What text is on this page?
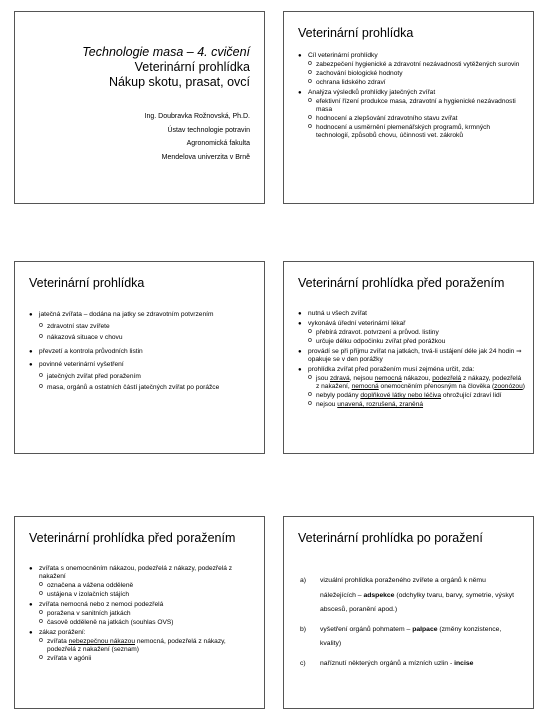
Technologie masa – 4. cvičení
Veterinární prohlídka
Nákup skotu, prasat, ovcí
Ing. Doubravka Rožnovská, Ph.D.
Ústav technologie potravin
Agronomická fakulta
Mendelova univerzita v Brně
Veterinární prohlídka
● Cíl veterinární prohlídky
o zabezpečení hygienické a zdravotní nezávadnosti vytěžených surovin
o zachování biologické hodnoty
o ochrana lidského zdraví
● Analýza výsledků prohlídky jatečných zvířat
o efektivní řízení produkce masa, zdravotní a hygienické nezávadnosti masa
o hodnocení a zlepšování zdravotního stavu zvířat
o hodnocení a usměrnění plemenářských programů, krmných technologií, způsobů chovu, účinnosti vet. zákroků
Veterinární prohlídka
● jatečná zvířata – dodána na jatky se zdravotním potvrzením
o zdravotní stav zvířete
o nákazová situace v chovu
● převzetí a kontrola průvodních listin
● povinné veterinární vyšetření
o jatečných zvířat před poražením
o masa, orgánů a ostatních částí jatečných zvířat po porážce
Veterinární prohlídka před poražením
● nutná u všech zvířat
● vykonává úřední veterinární lékař
o přebírá zdravot. potvrzení a průvod. listiny
o určuje délku odpočinku zvířat před porážkou
● provádí se při příjmu zvířat na jatkách, trvá-li ustájení déle jak 24 hodin ⇒ opakuje se v den porážky
● prohlídka zvířat před poražením musí zejména určit, zda:
o jsou zdravá, nejsou nemocná nákazou, podezřelá z nákazy, podezřelá z nakažení, nemocná onemocněním přenosným na člověka (zoonózou)
o nebyly podány doplňkové látky nebo léčiva ohrožující zdraví lidí
o nejsou unavená, rozrušená, zraněná
Veterinární prohlídka před poražením
● zvířata s onemocněním nákazou, podezřelá z nákazy, podezřelá z nakažení
o označena a vážena odděleně
o ustájena v izolačních stájích
● zvířata nemocná nebo z nemoci podezřelá
o poražena v sanitních jatkách
o časově odděleně na jatkách (souhlas OVS)
● zákaz porážení:
o zvířata nebezpečnou nákazou nemocná, podezřelá z nákazy, podezřelá z nakažení (seznam)
o zvířata v agónii
Veterinární prohlídka po poražení
a) vizuální prohlídka poraženého zvířete a orgánů k němu náležejících – adspekce (odchylky tvaru, barvy, symetrie, výskyt abscesů, poranění apod.)
b) vyšetření orgánů pohmatem – palpace (změny konzistence, kvality)
c) naříznutí některých orgánů a mízních uzlin - incise
